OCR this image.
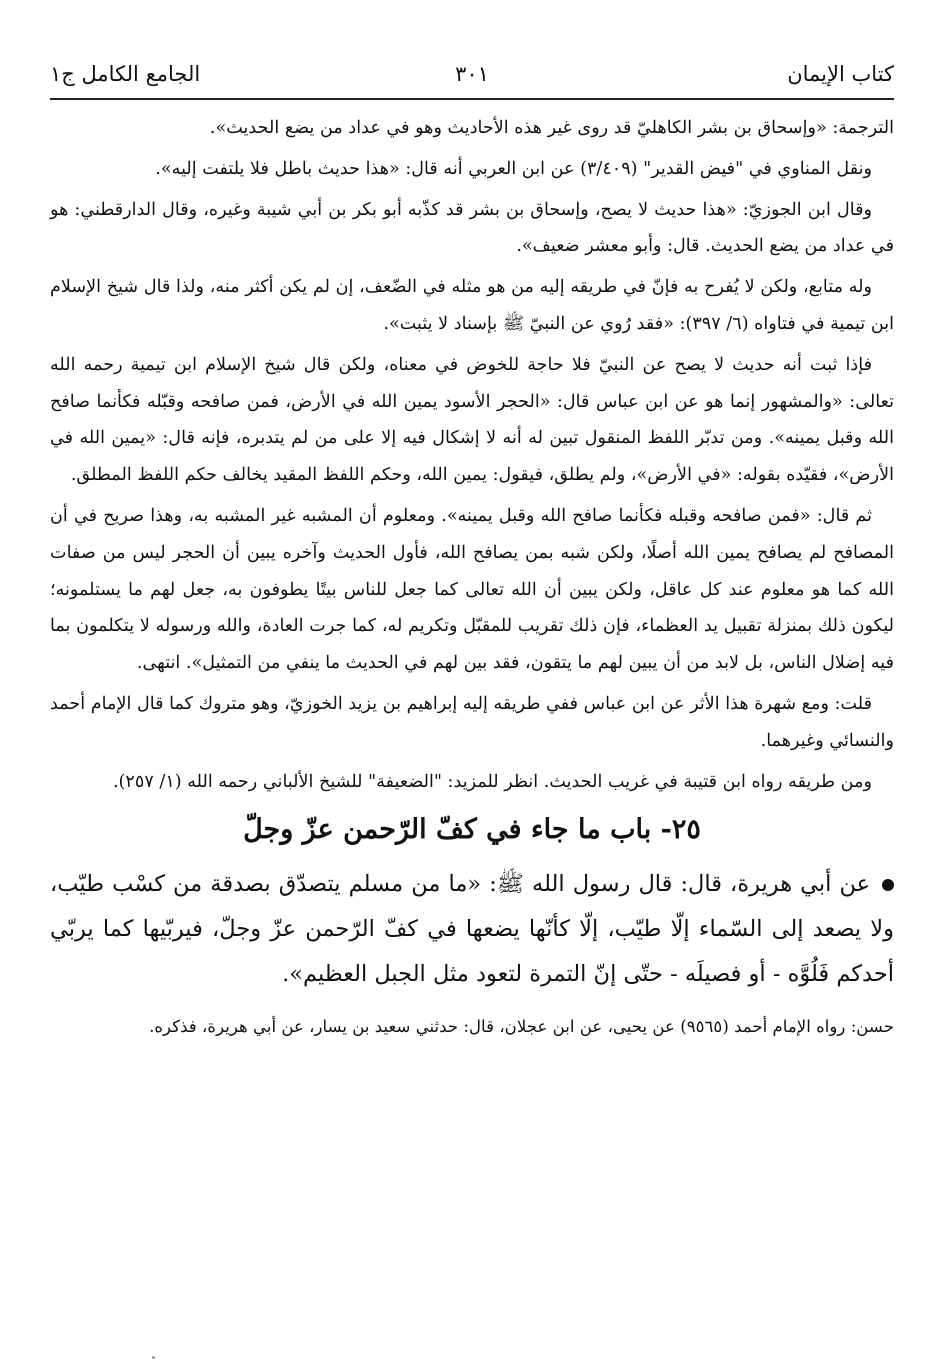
كتاب الإيمان
٣٠١
الجامع الكامل ج١

الترجمة: «وإسحاق بن بشر الكاهليّ قد روى غير هذه الأحاديث وهو في عداد من يضع الحديث».

ونقل المناوي في "فيض القدير" (٣/٤٠٩) عن ابن العربي أنه قال: «هذا حديث باطل فلا يلتفت إليه».

وقال ابن الجوزيّ: «هذا حديث لا يصح، وإسحاق بن بشر قد كذّبه أبو بكر بن أبي شيبة وغيره، وقال الدارقطني: هو في عداد من يضع الحديث. قال: وأبو معشر ضعيف».

وله متابع، ولكن لا يُفرح به فإنّ في طريقه إليه من هو مثله في الضّعف، إن لم يكن أكثر منه، ولذا قال شيخ الإسلام ابن تيمية في فتاواه (٦/ ٣٩٧): «فقد رُوي عن النبيّ ﷺ بإسناد لا يثبت».

فإذا ثبت أنه حديث لا يصح عن النبيّ فلا حاجة للخوض في معناه، ولكن قال شيخ الإسلام ابن تيمية رحمه الله تعالى: «والمشهور إنما هو عن ابن عباس قال: «الحجر الأسود يمين الله في الأرض، فمن صافحه وقبّله فكأنما صافح الله وقبل يمينه». ومن تدبّر اللفظ المنقول تبين له أنه لا إشكال فيه إلا على من لم يتدبره، فإنه قال: «يمين الله في الأرض»، فقيّده بقوله: «في الأرض»، ولم يطلق، فيقول: يمين الله، وحكم اللفظ المقيد يخالف حكم اللفظ المطلق.

ثم قال: «فمن صافحه وقبله فكأنما صافح الله وقبل يمينه». ومعلوم أن المشبه غير المشبه به، وهذا صريح في أن المصافح لم يصافح يمين الله أصلًا، ولكن شبه بمن يصافح الله، فأول الحديث وآخره يبين أن الحجر ليس من صفات الله كما هو معلوم عند كل عاقل، ولكن يبين أن الله تعالى كما جعل للناس بيتًا يطوفون به، جعل لهم ما يستلمونه؛ ليكون ذلك بمنزلة تقبيل يد العظماء، فإن ذلك تقريب للمقبّل وتكريم له، كما جرت العادة، والله ورسوله لا يتكلمون بما فيه إضلال الناس، بل لابد من أن يبين لهم ما يتقون، فقد بين لهم في الحديث ما ينفي من التمثيل». انتهى.

قلت: ومع شهرة هذا الأثر عن ابن عباس ففي طريقه إليه إبراهيم بن يزيد الخوزيّ، وهو متروك كما قال الإمام أحمد والنسائي وغيرهما.

ومن طريقه رواه ابن قتيبة في غريب الحديث. انظر للمزيد: "الضعيفة" للشيخ الألباني رحمه الله (١/ ٢٥٧).

٢٥- باب ما جاء في كفّ الرّحمن عزّ وجلّ

عن أبي هريرة، قال: قال رسول الله ﷺ: «ما من مسلم يتصدّق بصدقة من كسْب طيّب، ولا يصعد إلى السّماء إلّا طيّب، إلّا كأنّها يضعها في كفّ الرّحمن عزّ وجلّ، فيربّيها كما يربّي أحدكم فَلُوَّه - أو فصيلَه - حتّى إنّ التمرة لتعود مثل الجبل العظيم».

حسن: رواه الإمام أحمد (٩٥٦٥) عن يحيى، عن ابن عجلان، قال: حدثني سعيد بن يسار، عن أبي هريرة، فذكره.
